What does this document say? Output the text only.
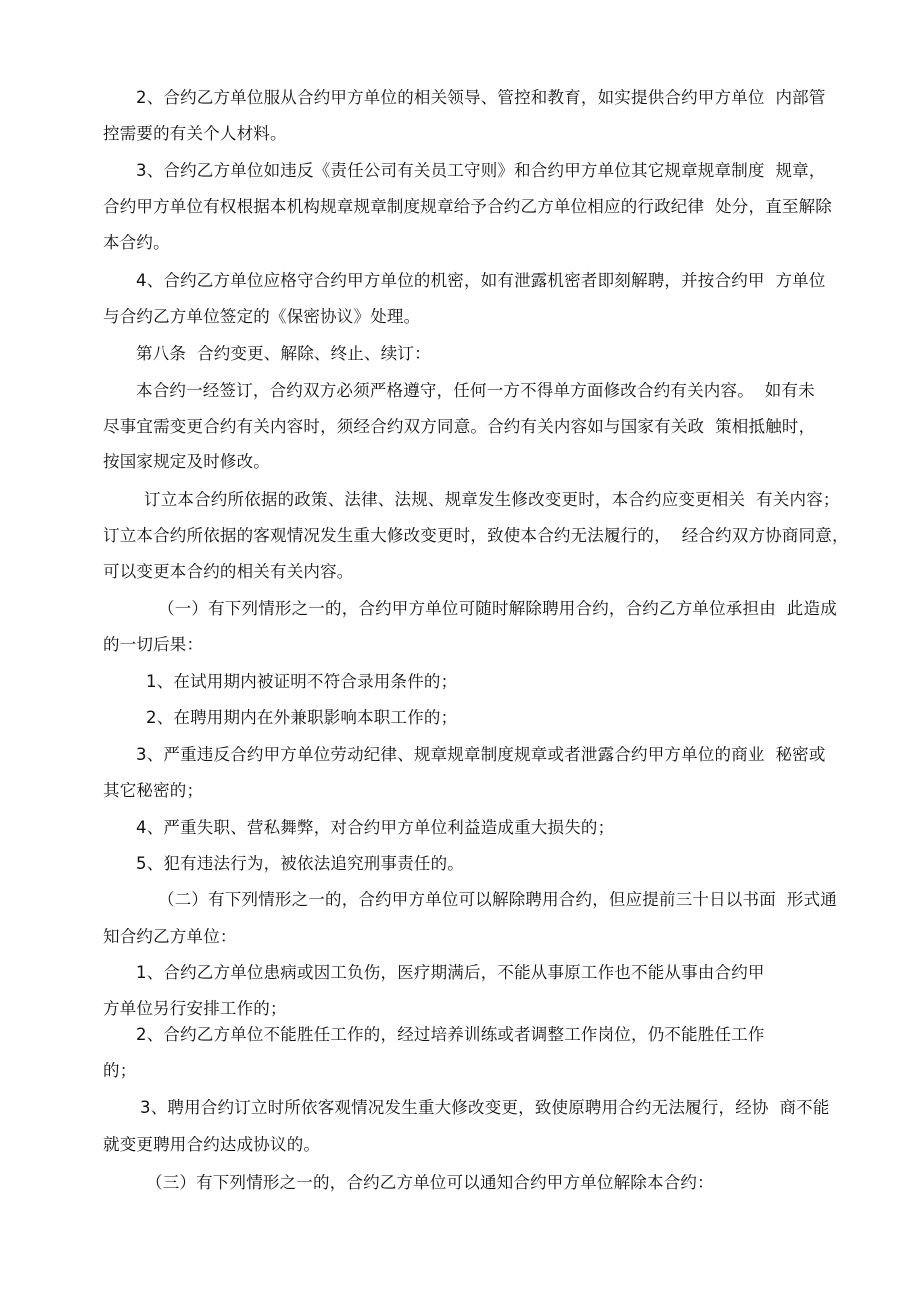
2、合约乙方单位服从合约甲方单位的相关领导、管控和教育，如实提供合约甲方单位  内部管
控需要的有关个人材料。
3、合约乙方单位如违反《责任公司有关员工守则》和合约甲方单位其它规章规章制度  规章，
合约甲方单位有权根据本机构规章规章制度规章给予合约乙方单位相应的行政纪律  处分，直至解除
本合约。
4、合约乙方单位应格守合约甲方单位的机密，如有泄露机密者即刻解聘，并按合约甲  方单位
与合约乙方单位签定的《保密协议》处理。
第八条  合约变更、解除、终止、续订：
本合约一经签订，合约双方必须严格遵守，任何一方不得单方面修改合约有关内容。  如有未
尽事宜需变更合约有关内容时，须经合约双方同意。合约有关内容如与国家有关政  策相抵触时，
按国家规定及时修改。
订立本合约所依据的政策、法律、法规、规章发生修改变更时，本合约应变更相关  有关内容；
订立本合约所依据的客观情况发生重大修改变更时，致使本合约无法履行的，  经合约双方协商同意，
可以变更本合约的相关有关内容。
（一）有下列情形之一的，合约甲方单位可随时解除聘用合约，合约乙方单位承担由  此造成
的一切后果：
1、在试用期内被证明不符合录用条件的；
2、在聘用期内在外兼职影响本职工作的；
3、严重违反合约甲方单位劳动纪律、规章规章制度规章或者泄露合约甲方单位的商业  秘密或
其它秘密的；
4、严重失职、营私舞弊，对合约甲方单位利益造成重大损失的；
5、犯有违法行为，被依法追究刑事责任的。
（二）有下列情形之一的，合约甲方单位可以解除聘用合约，但应提前三十日以书面  形式通
知合约乙方单位：
1、合约乙方单位患病或因工负伤，医疗期满后，不能从事原工作也不能从事由合约甲
方单位另行安排工作的；
2、合约乙方单位不能胜任工作的，经过培养训练或者调整工作岗位，仍不能胜任工作
的；
3、聘用合约订立时所依客观情况发生重大修改变更，致使原聘用合约无法履行，经协  商不能
就变更聘用合约达成协议的。
（三）有下列情形之一的，合约乙方单位可以通知合约甲方单位解除本合约：
